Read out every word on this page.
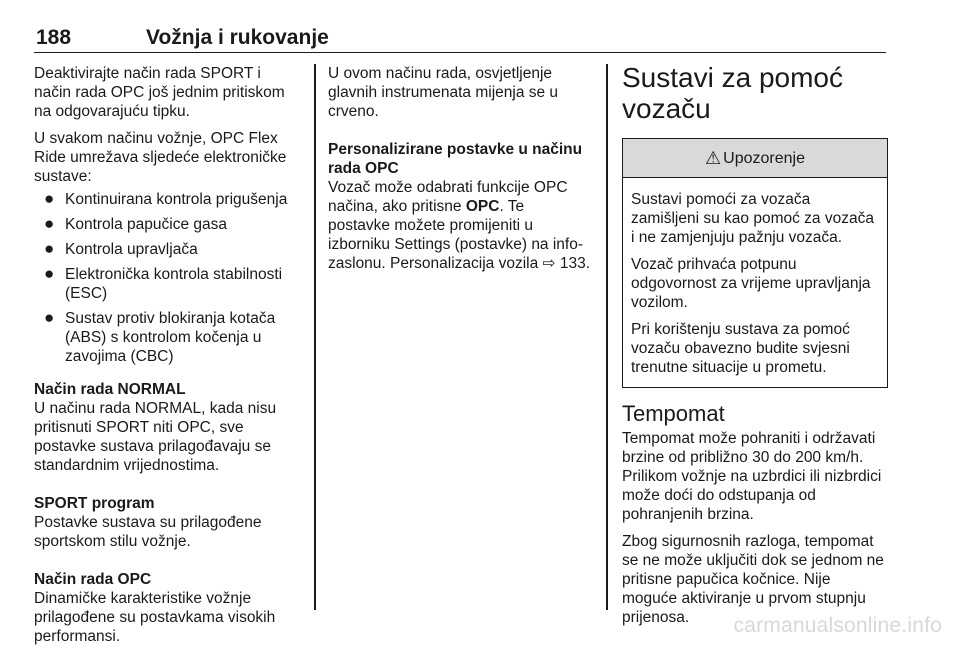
188	Vožnja i rukovanje

Deaktivirajte način rada SPORT i način rada OPC još jednim pritiskom na odgovarajuću tipku.

U svakom načinu vožnje, OPC Flex Ride umrežava sljedeće elektroničke sustave:

● Kontinuirana kontrola prigušenja
● Kontrola papučice gasa
● Kontrola upravljača
● Elektronička kontrola stabilnosti (ESC)
● Sustav protiv blokiranja kotača (ABS) s kontrolom kočenja u zavojima (CBC)

Način rada NORMAL
U načinu rada NORMAL, kada nisu pritisnuti SPORT niti OPC, sve postavke sustava prilagođavaju se standardnim vrijednostima.

SPORT program
Postavke sustava su prilagođene sportskom stilu vožnje.

Način rada OPC
Dinamičke karakteristike vožnje prilagođene su postavkama visokih performansi.

U ovom načinu rada, osvjetljenje glavnih instrumenata mijenja se u crveno.

Personalizirane postavke u načinu rada OPC
Vozač može odabrati funkcije OPC načina, ako pritisne OPC. Te postavke možete promijeniti u izborniku Settings (postavke) na info-zaslonu. Personalizacija vozila ⇨ 133.

Sustavi za pomoć vozaču
⚠ Upozorenje

Sustavi pomoći za vozača zamišljeni su kao pomoć za vozača i ne zamjenjuju pažnju vozača.

Vozač prihvaća potpunu odgovornost za vrijeme upravljanja vozilom.

Pri korištenju sustava za pomoć vozaču obavezno budite svjesni trenutne situacije u prometu.

Tempomat

Tempomat može pohraniti i održavati brzine od približno 30 do 200 km/h. Prilikom vožnje na uzbrdici ili nizbrdici može doći do odstupanja od pohranjenih brzina.

Zbog sigurnosnih razloga, tempomat se ne može uključiti dok se jednom ne pritisne papučica kočnice. Nije moguće aktiviranje u prvom stupnju prijenosa.	carmanualsonline.info
